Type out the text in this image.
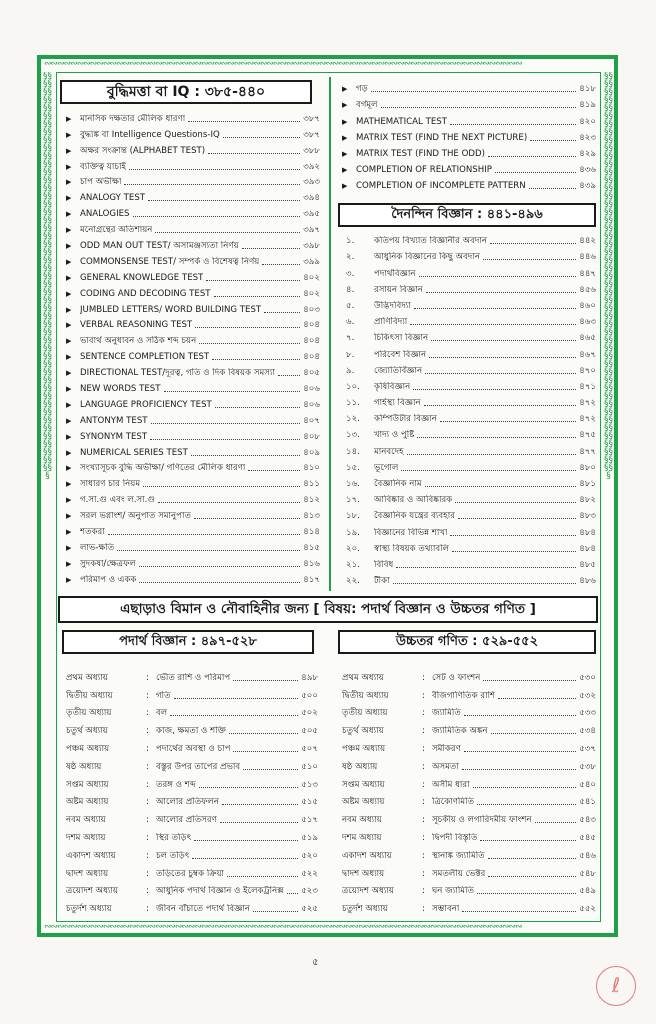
∾∾∾∾∾∾∾∾∾∾∾∾∾∾∾∾∾∾∾∾∾∾∾∾∾∾∾∾∾∾∾∾∾∾∾∾∾∾∾∾∾∾∾∾∾∾∾∾∾∾∾∾∾∾∾∾∾∾∾∾∾∾∾∾∾∾∾∾∾∾∾∾∾
∾∾∾∾∾∾∾∾∾∾∾∾∾∾∾∾∾∾∾∾∾∾∾∾∾∾∾∾∾∾∾∾∾∾∾∾∾∾∾∾∾∾∾∾∾∾∾∾∾∾∾∾∾∾∾∾∾∾∾∾∾∾∾∾∾∾∾∾∾∾∾∾∾
§§§§§§§§§§§§§§§§§§§§§§§§§§§§§§§§§§§§§§§§§§§§§§§§§§§§§§§§§§§§§§§§§§§§§§§§§§§§§§§§§§§§§§§§§§§§§§§§§§§§§
§§§§§§§§§§§§§§§§§§§§§§§§§§§§§§§§§§§§§§§§§§§§§§§§§§§§§§§§§§§§§§§§§§§§§§§§§§§§§§§§§§§§§§§§§§§§§§§§§§§§§
বুদ্ধিমত্তা বা IQ : ৩৮৫-৪৪০
▶	মানসিক দক্ষতার মৌলিক ধারণা	৩৮৭
▶	বুদ্ধ্যঙ্ক বা Intelligence Questions-IQ	৩৮৭
▶	অক্ষর সংক্রান্ত (ALPHABET TEST)	৩৮৮
▶	ব্যক্তিত্ব যাচাই	৩৯২
▶	চাপ অভীক্ষা	৩৯৩
▶	ANALOGY TEST	৩৯৪
▶	ANALOGIES	৩৯৫
▶	মনোগ্রন্থের অতিশায়ন	৩৯৭
▶	ODD MAN OUT TEST/ অসামঞ্জস্যতা নির্ণয়	৩৯৮
▶	COMMONSENSE TEST/ সম্পর্ক ও বিশেষত্ব নির্ণয়	৩৯৯
▶	GENERAL KNOWLEDGE TEST	৪০২
▶	CODING AND DECODING TEST	৪০২
▶	JUMBLED LETTERS/ WORD BUILDING TEST	৪০৩
▶	VERBAL REASONING TEST	৪০৪
▶	ভাবার্থ অনুধাবন ও সঠিক শব্দ চয়ন	৪০৪
▶	SENTENCE COMPLETION TEST	৪০৪
▶	DIRECTIONAL TEST/দূরত্ব, গতি ও দিক বিষয়ক সমস্যা	৪০৫
▶	NEW WORDS TEST	৪০৬
▶	LANGUAGE PROFICIENCY TEST	৪০৬
▶	ANTONYM TEST	৪০৭
▶	SYNONYM TEST	৪০৮
▶	NUMERICAL SERIES TEST	৪০৯
▶	সংখ্যাসূচক বুদ্ধি অভীক্ষা/ গণিতের মৌলিক ধারণা	৪১০
▶	সাধারণ চার নিয়ম	৪১১
▶	গ.সা.গু এবং ল.সা.গু	৪১২
▶	সরল ভগ্নাংশ/ অনুপাত সমানুপাত	৪১৩
▶	শতকরা	৪১৪
▶	লাভ-ক্ষতি	৪১৫
▶	সুদকষা/ক্ষেত্রফল	৪১৬
▶	পরিমাপ ও একক	৪১৭
▶	গড়	৪১৮
▶	বর্গমূল	৪১৯
▶	MATHEMATICAL TEST	৪২০
▶	MATRIX TEST (FIND THE NEXT PICTURE)	৪২৩
▶	MATRIX TEST (FIND THE ODD)	৪২৯
▶	COMPLETION OF RELATIONSHIP	৪৩৬
▶	COMPLETION OF INCOMPLETE PATTERN	৪৩৯
দৈনন্দিন বিজ্ঞান : ৪৪১-৪৯৬
১.	কতিপয় বিখ্যাত বিজ্ঞানীর অবদান	৪৪২
২.	আধুনিক বিজ্ঞানের কিছু অবদান	৪৪৬
৩.	পদার্থবিজ্ঞান	৪৪৭
৪.	রসায়ন বিজ্ঞান	৪৫৬
৫.	উদ্ভিদবিদ্যা	৪৬০
৬.	প্রাণিবিদ্যা	৪৬৩
৭.	চিকিৎসা বিজ্ঞান	৪৬৫
৮.	পরিবেশ বিজ্ঞান	৪৬৭
৯.	জ্যোতির্বিজ্ঞান	৪৭০
১০.	কৃষিবিজ্ঞান	৪৭১
১১.	গার্হস্থ্য বিজ্ঞান	৪৭২
১২.	কম্পিউটার বিজ্ঞান	৪৭২
১৩.	খাদ্য ও পুষ্টি	৪৭৫
১৪.	মানবদেহ	৪৭৭
১৫.	ভূগোল	৪৮০
১৬.	বৈজ্ঞানিক নাম	৪৮১
১৭.	আবিষ্কার ও আবিষ্কারক	৪৮২
১৮.	বৈজ্ঞানিক যন্ত্রের ব্যবহার	৪৮৩
১৯.	বিজ্ঞানের বিভিন্ন শাখা	৪৮৪
২০.	স্বাস্থ্য বিষয়ক তথ্যাবলি	৪৮৪
২১.	বিবিধ	৪৮৫
২২.	টীকা	৪৮৬
এছাড়াও বিমান ও নৌবাহিনীর জন্য [ বিষয়: পদার্থ বিজ্ঞান ও উচ্চতর গণিত ]
পদার্থ বিজ্ঞান : ৪৯৭-৫২৮
প্রথম অধ্যায়	: ভৌত রাশি ও পরিমাপ	৪৯৮
দ্বিতীয় অধ্যায়	: গতি	৫০০
তৃতীয় অধ্যায়	: বল	৫০২
চতুর্থ অধ্যায়	: কাজ, ক্ষমতা ও শক্তি	৫০৫
পঞ্চম অধ্যায়	: পদার্থের অবস্থা ও চাপ	৫০৭
ষষ্ঠ অধ্যায়	: বস্তুর উপর তাপের প্রভাব	৫১০
সপ্তম অধ্যায়	: তরঙ্গ ও শব্দ	৫১৩
অষ্টম অধ্যায়	: আলোর প্রতিফলন	৫১৫
নবম অধ্যায়	: আলোর প্রতিসরণ	৫১৭
দশম অধ্যায়	: স্থির তড়িৎ	৫১৯
একাদশ অধ্যায়	: চল তড়িৎ	৫২০
দ্বাদশ অধ্যায়	: তড়িতের চুম্বক ক্রিয়া	৫২২
ত্রয়োদশ অধ্যায়	: আধুনিক পদার্থ বিজ্ঞান ও ইলেকট্রনিক্স ৫২৩
চতুর্দশ অধ্যায়	: জীবন বাঁচাতে পদার্থ বিজ্ঞান	৫২৫
উচ্চতর গণিত : ৫২৯-৫৫২
প্রথম অধ্যায়	: সেট ও ফাংশন	৫৩০
দ্বিতীয় অধ্যায়	: বীজগাণিতিক রাশি	৫৩২
তৃতীয় অধ্যায়	: জ্যামিতি	৫৩৩
চতুর্থ অধ্যায়	: জ্যামিতিক অঙ্কন	৫৩৪
পঞ্চম অধ্যায়	: সমীকরণ	৫৩৭
ষষ্ঠ অধ্যায়	: অসমতা	৫৩৮
সপ্তম অধ্যায়	: অসীম ধারা	৫৪০
অষ্টম অধ্যায়	: ত্রিকোণমিতি	৫৪১
নবম অধ্যায়	: সূচকীয় ও লগারিদমীয় ফাংশন	৫৪৩
দশম অধ্যায়	: দ্বিপদী বিস্তৃতি	৫৪৫
একাদশ অধ্যায়	: স্থানাঙ্ক জ্যামিতি	৫৪৬
দ্বাদশ অধ্যায়	: সমতলীয় ভেক্টর	৫৪৮
ত্রয়োদশ অধ্যায়	: ঘন জ্যামিতি	৫৪৯
চতুর্দশ অধ্যায়	: সম্ভাবনা	৫৫২
৫
ℓ
